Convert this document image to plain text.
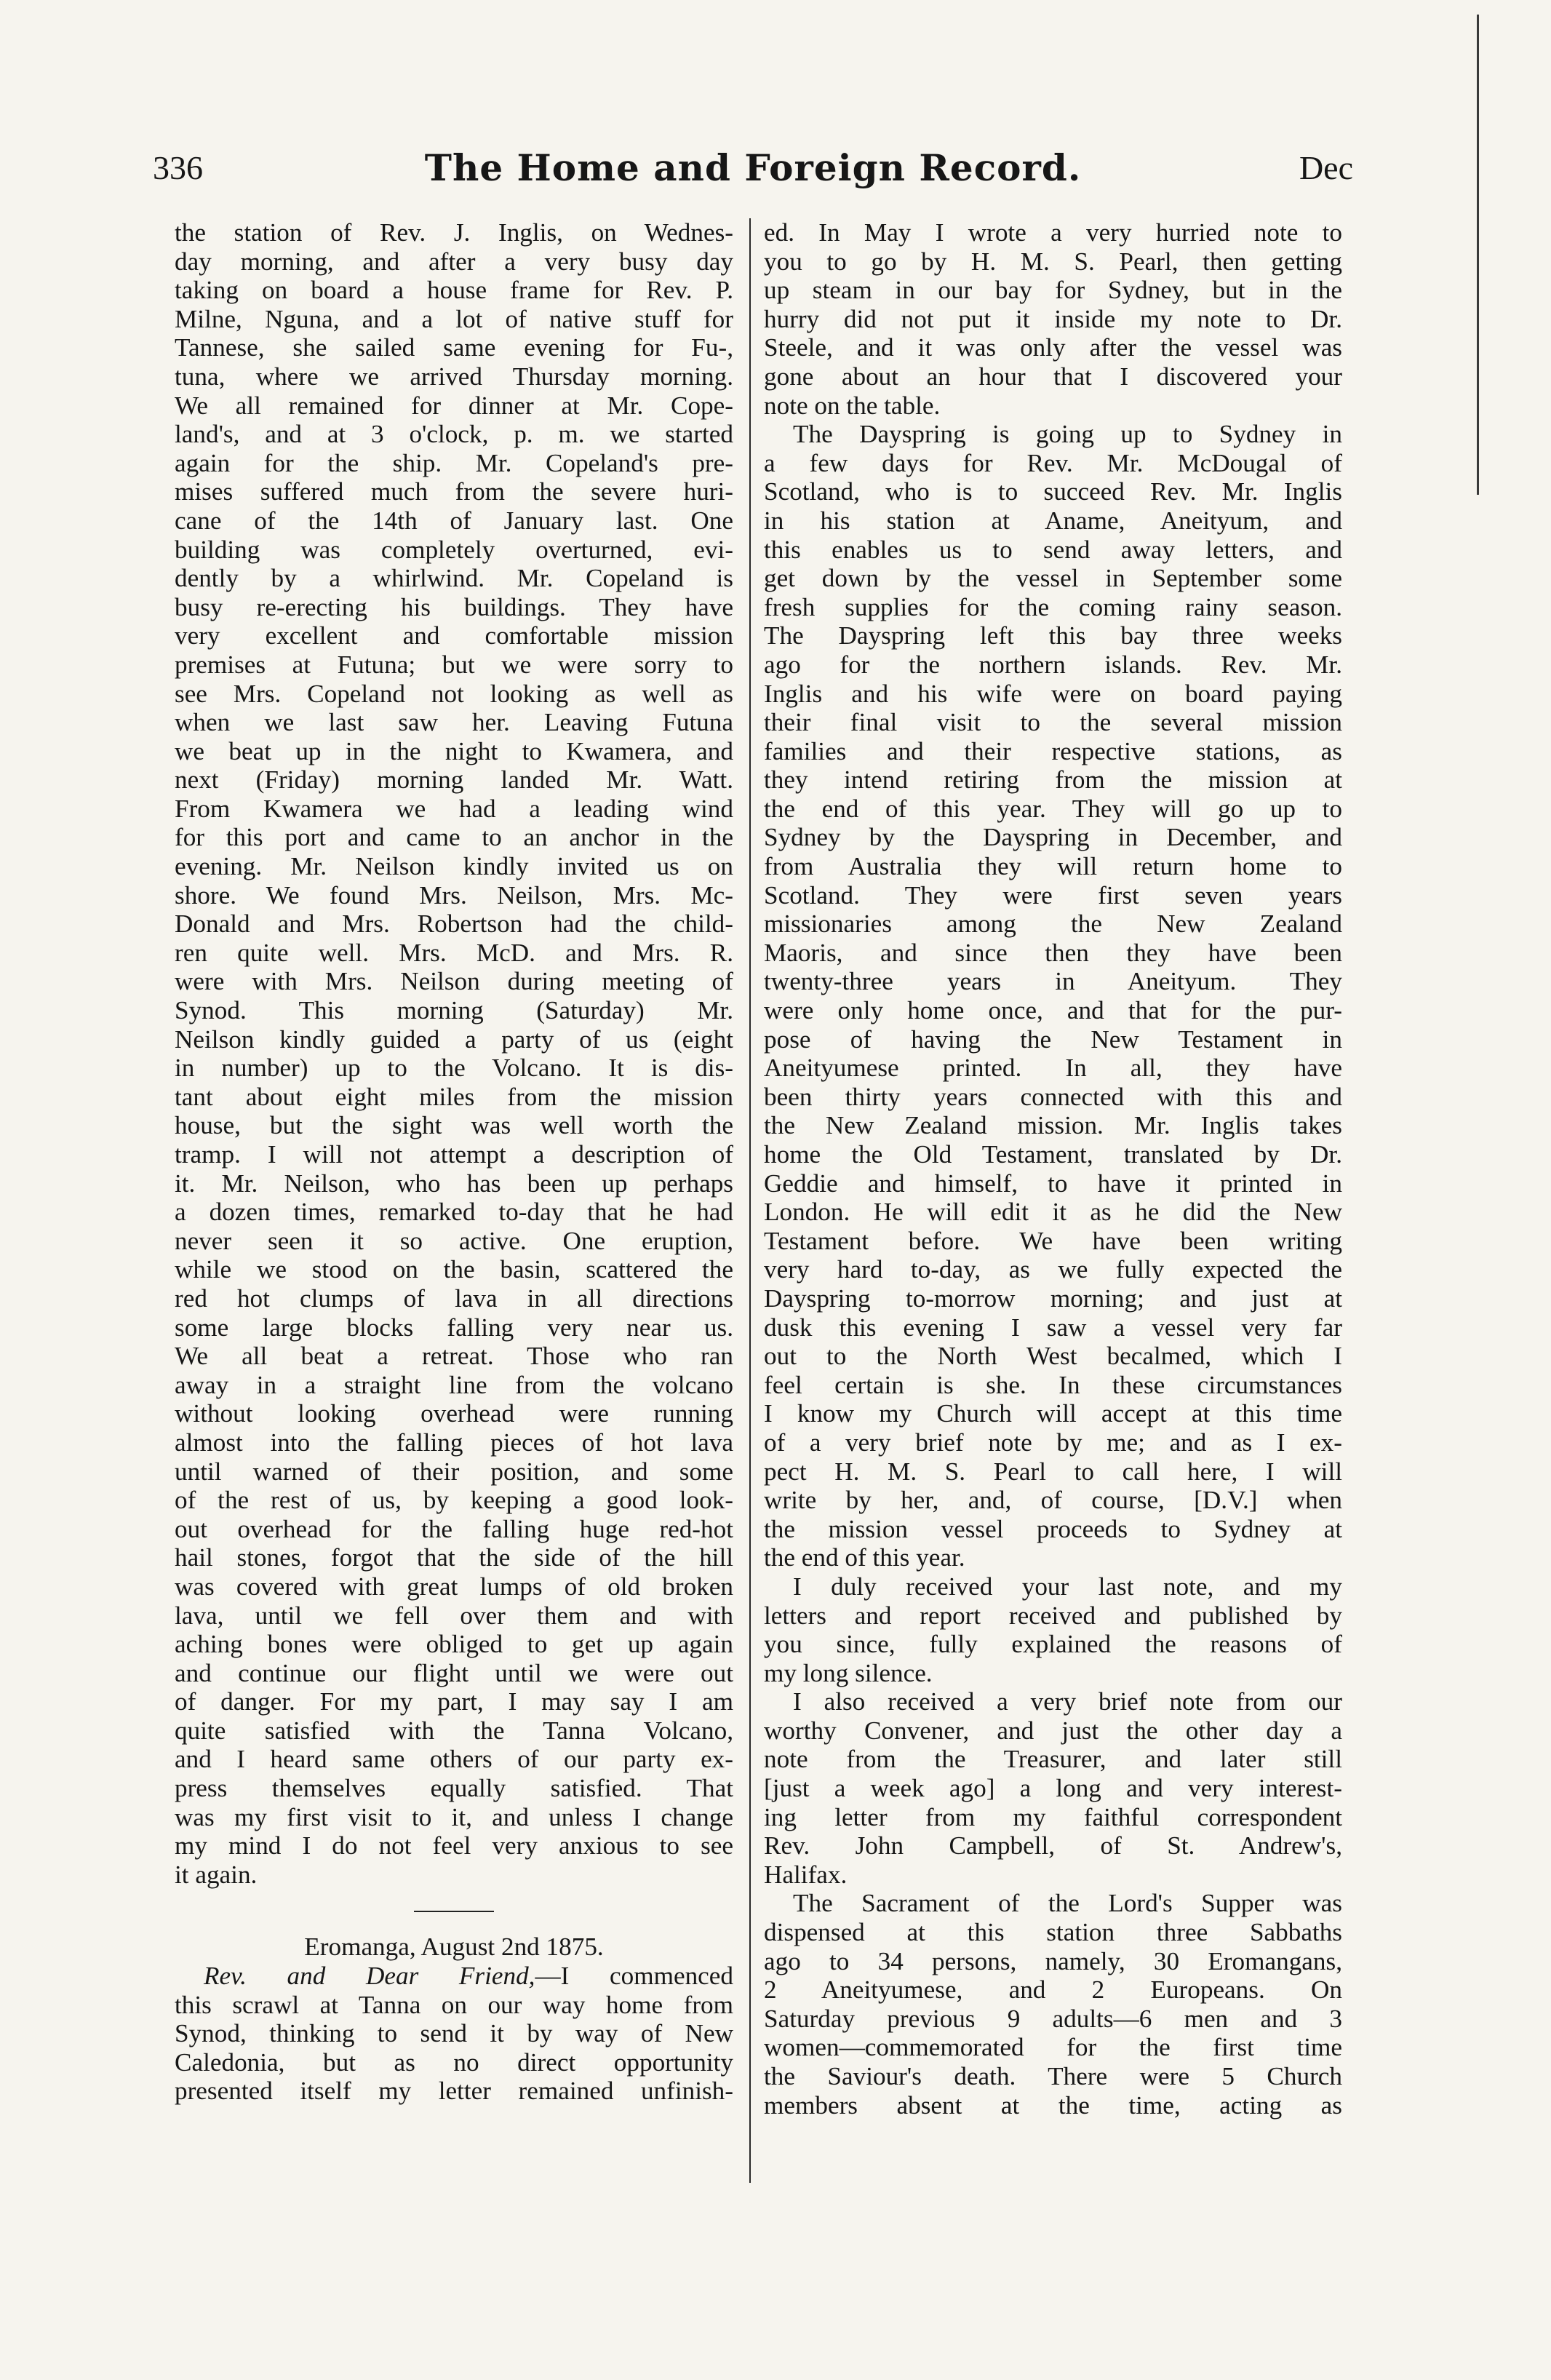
336	The Home and Foreign Record.	Dec
the station of Rev. J. Inglis, on Wednes-
day morning, and after a very busy day
taking on board a house frame for Rev. P.
Milne, Nguna, and a lot of native stuff for
Tannese, she sailed same evening for Fu-,
tuna, where we arrived Thursday morning.
We all remained for dinner at Mr. Cope-
land's, and at 3 o'clock, p. m. we started
again for the ship. Mr. Copeland's pre-
mises suffered much from the severe huri-
cane of the 14th of January last. One
building was completely overturned, evi-
dently by a whirlwind. Mr. Copeland is
busy re-erecting his buildings. They have
very excellent and comfortable mission
premises at Futuna; but we were sorry to
see Mrs. Copeland not looking as well as
when we last saw her. Leaving Futuna
we beat up in the night to Kwamera, and
next (Friday) morning landed Mr. Watt.
From Kwamera we had a leading wind
for this port and came to an anchor in the
evening. Mr. Neilson kindly invited us on
shore. We found Mrs. Neilson, Mrs. Mc-
Donald and Mrs. Robertson had the child-
ren quite well. Mrs. McD. and Mrs. R.
were with Mrs. Neilson during meeting of
Synod. This morning (Saturday) Mr.
Neilson kindly guided a party of us (eight
in number) up to the Volcano. It is dis-
tant about eight miles from the mission
house, but the sight was well worth the
tramp. I will not attempt a description of
it. Mr. Neilson, who has been up perhaps
a dozen times, remarked to-day that he had
never seen it so active. One eruption,
while we stood on the basin, scattered the
red hot clumps of lava in all directions
some large blocks falling very near us.
We all beat a retreat. Those who ran
away in a straight line from the volcano
without looking overhead were running
almost into the falling pieces of hot lava
until warned of their position, and some
of the rest of us, by keeping a good look-
out overhead for the falling huge red-hot
hail stones, forgot that the side of the hill
was covered with great lumps of old broken
lava, until we fell over them and with
aching bones were obliged to get up again
and continue our flight until we were out
of danger. For my part, I may say I am
quite satisfied with the Tanna Volcano,
and I heard same others of our party ex-
press themselves equally satisfied. That
was my first visit to it, and unless I change
my mind I do not feel very anxious to see
it again.
Eromanga, August 2nd 1875.
Rev. and Dear Friend,—I commenced
this scrawl at Tanna on our way home from
Synod, thinking to send it by way of New
Caledonia, but as no direct opportunity
presented itself my letter remained unfinish-
ed. In May I wrote a very hurried note to
you to go by H. M. S. Pearl, then getting
up steam in our bay for Sydney, but in the
hurry did not put it inside my note to Dr.
Steele, and it was only after the vessel was
gone about an hour that I discovered your
note on the table.
The Dayspring is going up to Sydney in
a few days for Rev. Mr. McDougal of
Scotland, who is to succeed Rev. Mr. Inglis
in his station at Aname, Aneityum, and
this enables us to send away letters, and
get down by the vessel in September some
fresh supplies for the coming rainy season.
The Dayspring left this bay three weeks
ago for the northern islands. Rev. Mr.
Inglis and his wife were on board paying
their final visit to the several mission
families and their respective stations, as
they intend retiring from the mission at
the end of this year. They will go up to
Sydney by the Dayspring in December, and
from Australia they will return home to
Scotland. They were first seven years
missionaries among the New Zealand
Maoris, and since then they have been
twenty-three years in Aneityum. They
were only home once, and that for the pur-
pose of having the New Testament in
Aneityumese printed. In all, they have
been thirty years connected with this and
the New Zealand mission. Mr. Inglis takes
home the Old Testament, translated by Dr.
Geddie and himself, to have it printed in
London. He will edit it as he did the New
Testament before. We have been writing
very hard to-day, as we fully expected the
Dayspring to-morrow morning; and just at
dusk this evening I saw a vessel very far
out to the North West becalmed, which I
feel certain is she. In these circumstances
I know my Church will accept at this time
of a very brief note by me; and as I ex-
pect H. M. S. Pearl to call here, I will
write by her, and, of course, [D.V.] when
the mission vessel proceeds to Sydney at
the end of this year.
I duly received your last note, and my
letters and report received and published by
you since, fully explained the reasons of
my long silence.
I also received a very brief note from our
worthy Convener, and just the other day a
note from the Treasurer, and later still
[just a week ago] a long and very interest-
ing letter from my faithful correspondent
Rev. John Campbell, of St. Andrew's,
Halifax.
The Sacrament of the Lord's Supper was
dispensed at this station three Sabbaths
ago to 34 persons, namely, 30 Eromangans,
2 Aneityumese, and 2 Europeans. On
Saturday previous 9 adults—6 men and 3
women—commemorated for the first time
the Saviour's death. There were 5 Church
members absent at the time, acting as
